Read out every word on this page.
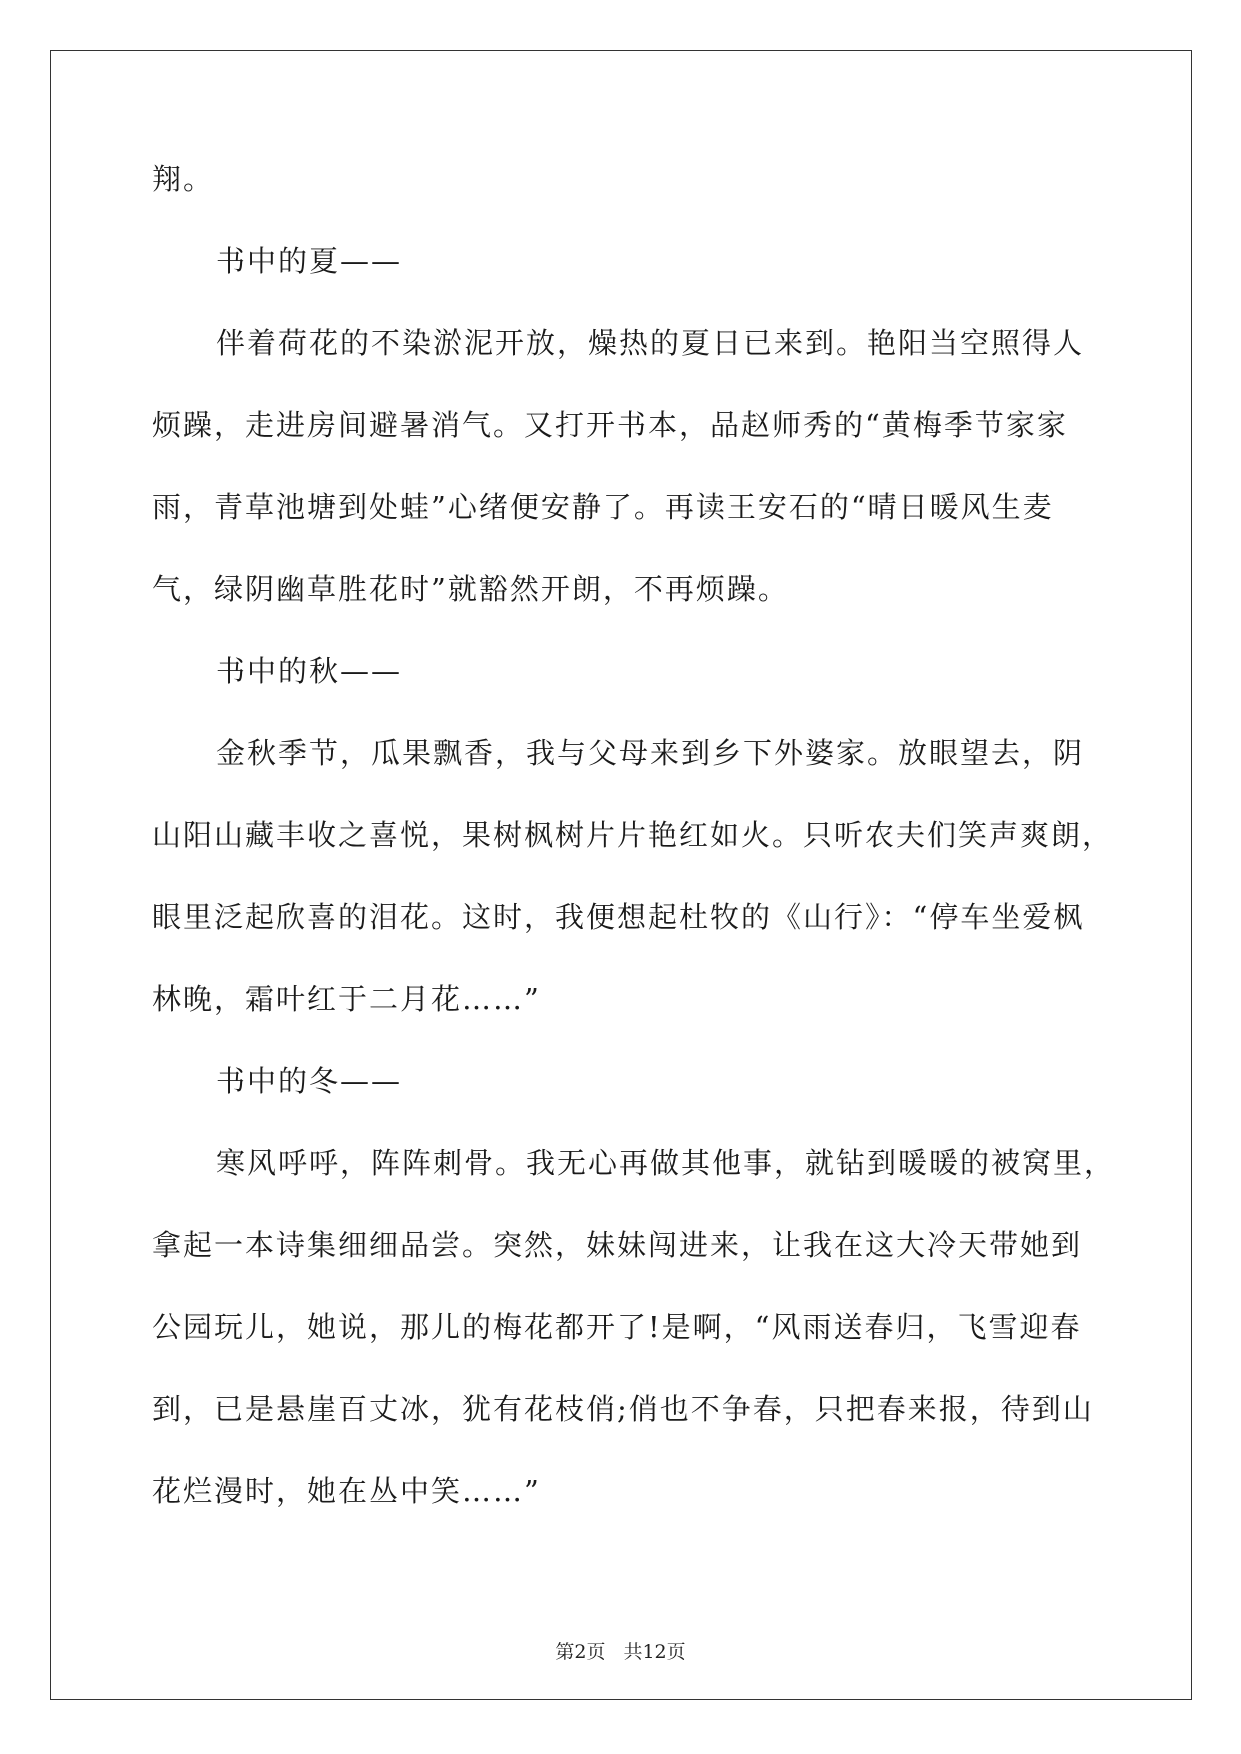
翔。
书中的夏——
伴着荷花的不染淤泥开放，燥热的夏日已来到。艳阳当空照得人
烦躁，走进房间避暑消气。又打开书本，品赵师秀的“黄梅季节家家
雨，青草池塘到处蛙”心绪便安静了。再读王安石的“晴日暖风生麦
气，绿阴幽草胜花时”就豁然开朗，不再烦躁。
书中的秋——
金秋季节，瓜果飘香，我与父母来到乡下外婆家。放眼望去，阴
山阳山藏丰收之喜悦，果树枫树片片艳红如火。只听农夫们笑声爽朗，
眼里泛起欣喜的泪花。这时，我便想起杜牧的《山行》：“停车坐爱枫
林晚，霜叶红于二月花……”
书中的冬——
寒风呼呼，阵阵刺骨。我无心再做其他事，就钻到暖暖的被窝里，
拿起一本诗集细细品尝。突然，妹妹闯进来，让我在这大冷天带她到
公园玩儿，她说，那儿的梅花都开了!是啊，“风雨送春归，飞雪迎春
到，已是悬崖百丈冰，犹有花枝俏;俏也不争春，只把春来报，待到山
花烂漫时，她在丛中笑……”
第2页 共12页
